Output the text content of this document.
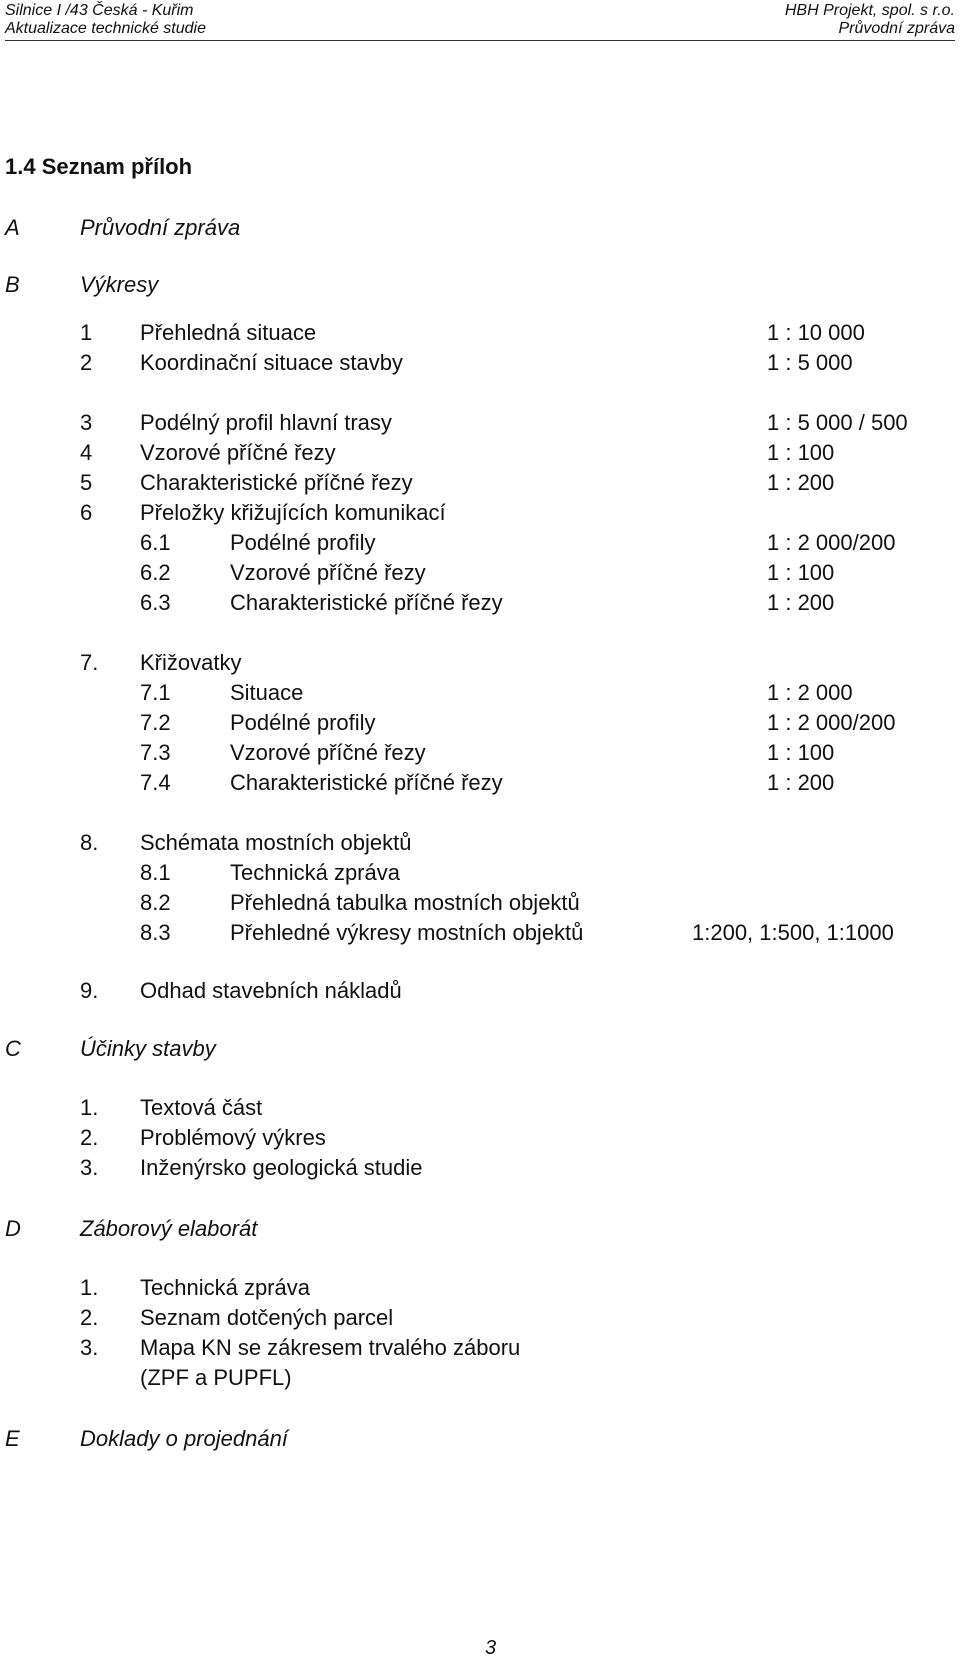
Silnice I /43 Česká - Kuřim
Aktualizace technické studie
HBH Projekt, spol. s r.o.
Průvodní zpráva
1.4 Seznam příloh
A	Průvodní zpráva
B	Výkresy
1 Přehledná situace	1 : 10 000
2 Koordinační situace stavby	1 : 5 000
3 Podélný profil hlavní trasy	1 : 5 000 / 500
4 Vzorové příčné řezy	1 : 100
5 Charakteristické příčné řezy	1 : 200
6 Přeložky křižujících komunikací
6.1	Podélné profily	1 : 2 000/200
6.2	Vzorové příčné řezy	1 : 100
6.3	Charakteristické příčné řezy	1 : 200
7. Křižovatky
7.1	Situace	1 : 2 000
7.2	Podélné profily	1 : 2 000/200
7.3	Vzorové příčné řezy	1 : 100
7.4	Charakteristické příčné řezy	1 : 200
8. Schémata mostních objektů
8.1	Technická zpráva
8.2	Přehledná tabulka mostních objektů
8.3	Přehledné výkresy mostních objektů	1:200, 1:500, 1:1000
9. Odhad stavebních nákladů
C	Účinky stavby
1. Textová část
2. Problémový výkres
3. Inženýrsko geologická studie
D	Záborový elaborát
1. Technická zpráva
2. Seznam dotčených parcel
3. Mapa KN se zákresem trvalého záboru
(ZPF a PUPFL)
E	Doklady o projednání
3
